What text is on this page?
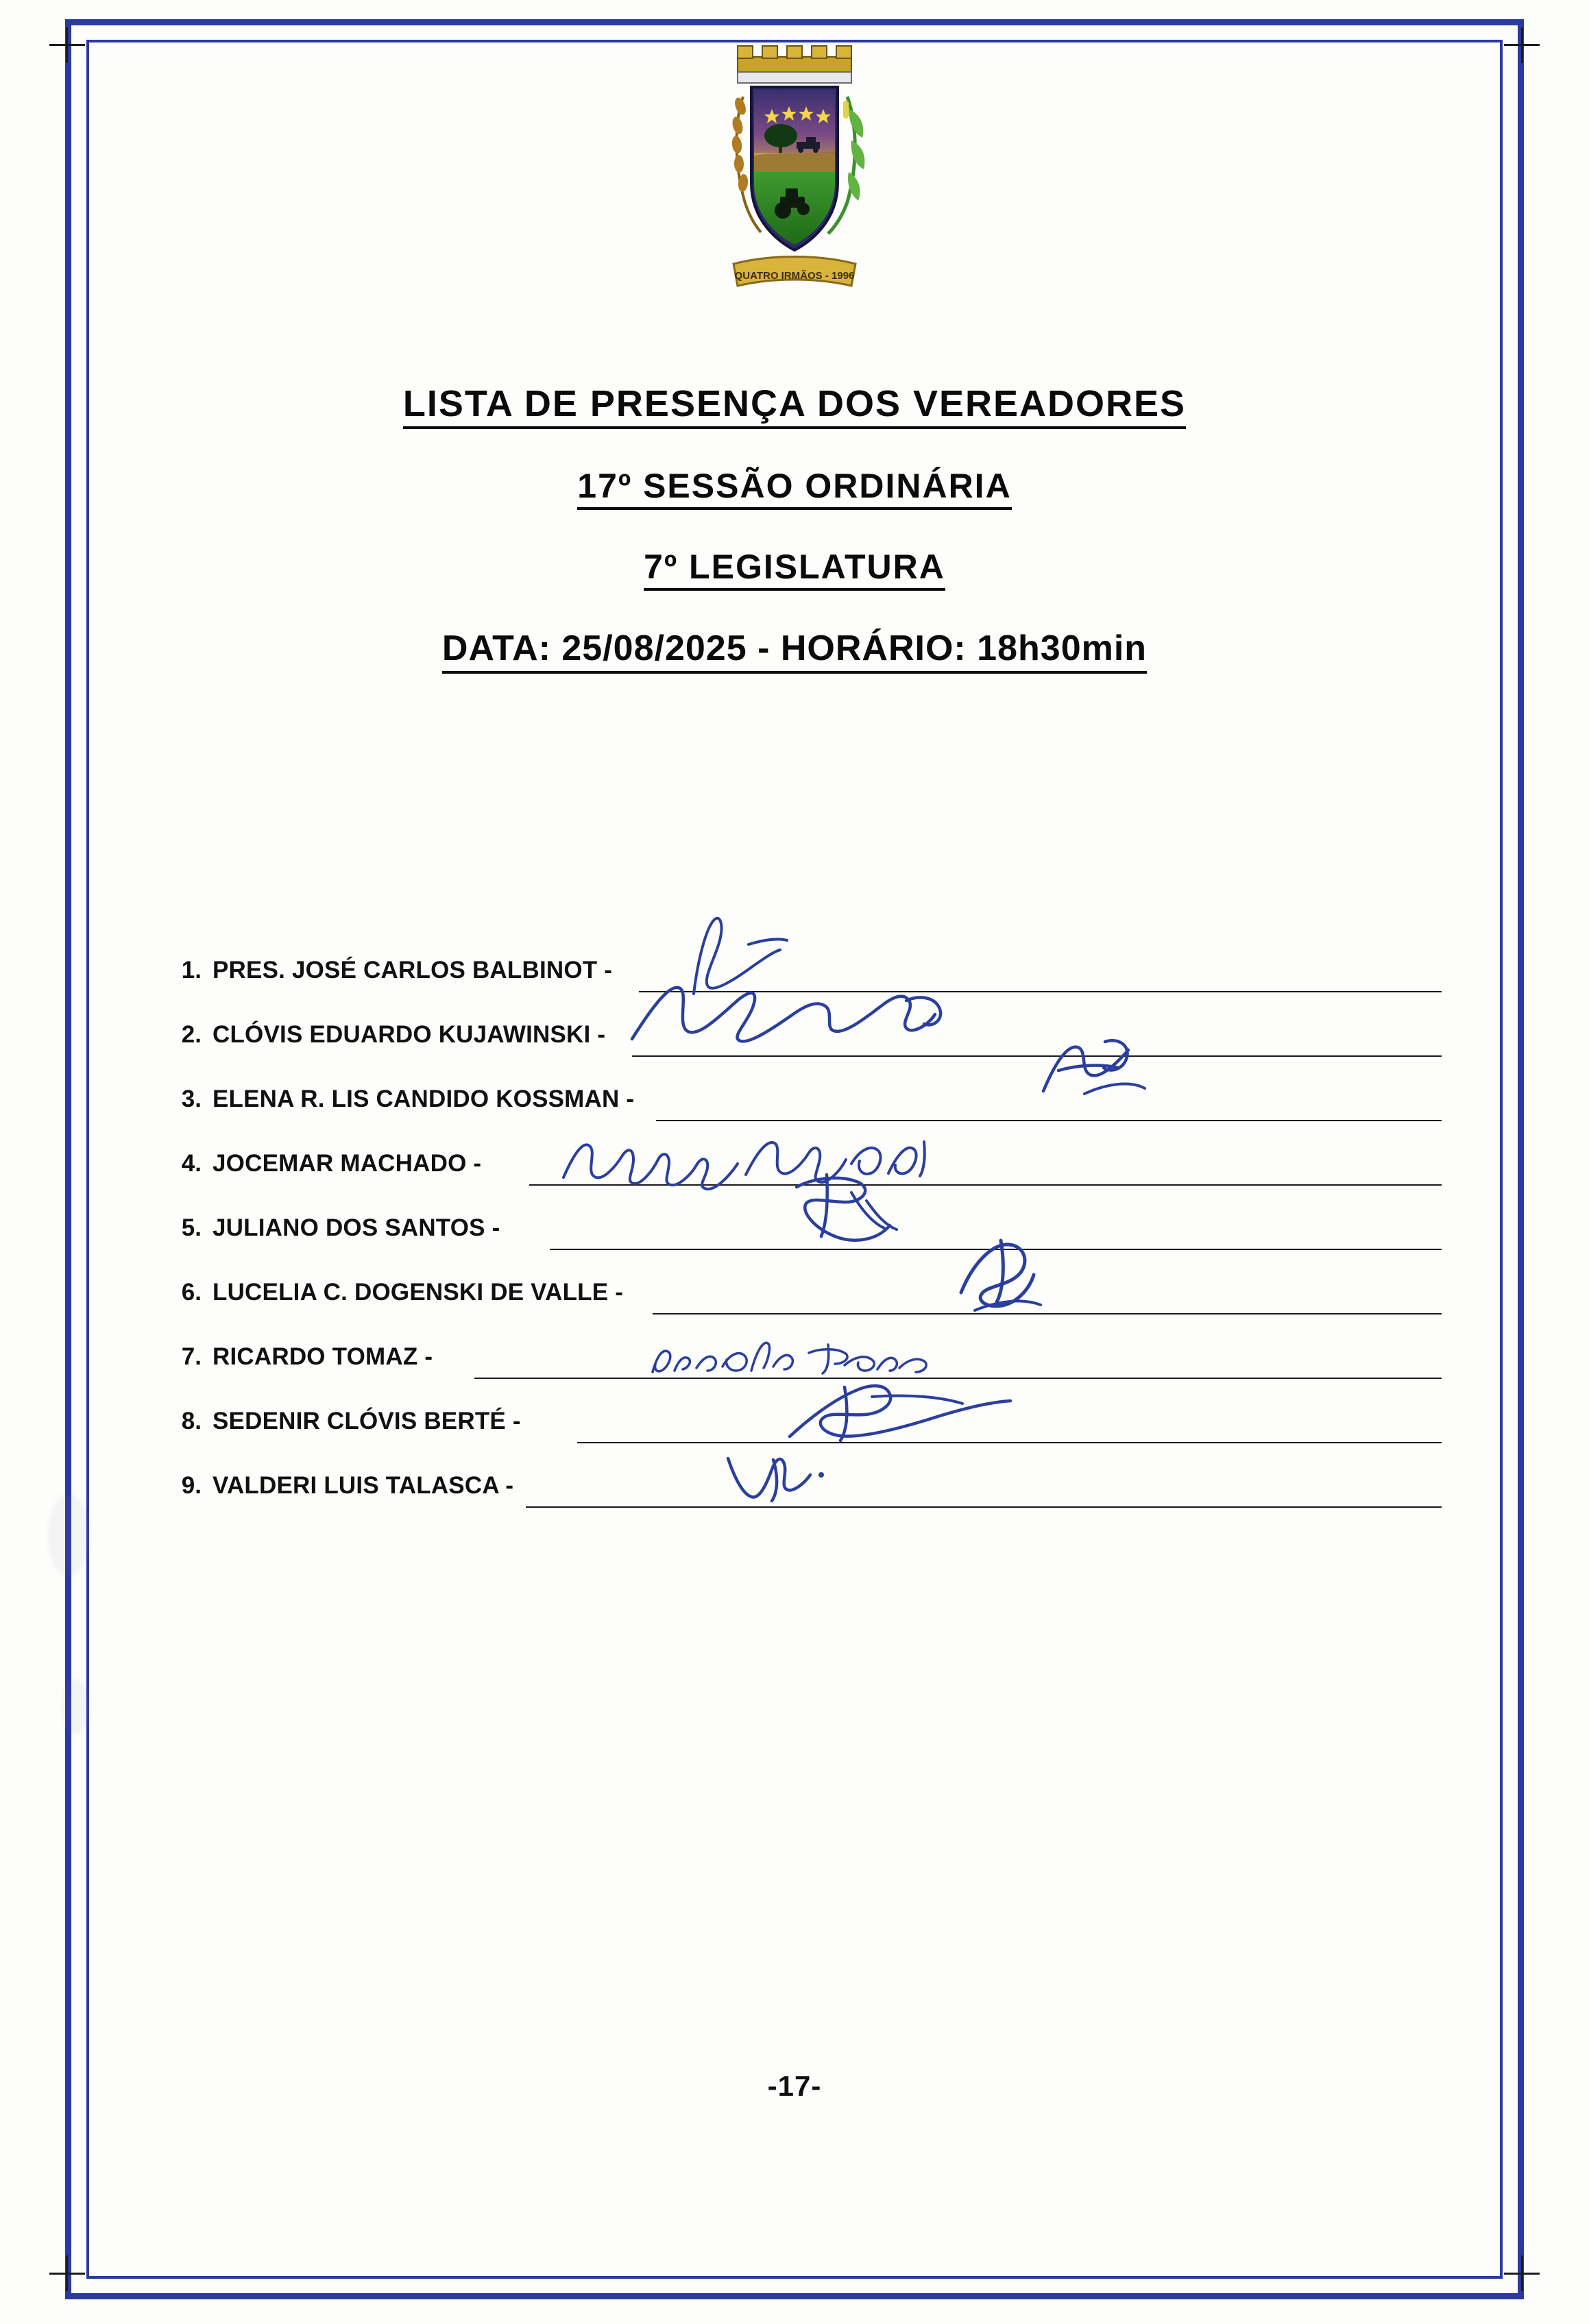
QUATRO IRMÃOS - 1996
LISTA DE PRESENÇA DOS VEREADORES
17º SESSÃO ORDINÁRIA
7º LEGISLATURA
DATA: 25/08/2025 - HORÁRIO: 18h30min
1. PRES. JOSÉ CARLOS BALBINOT -
2. CLÓVIS EDUARDO KUJAWINSKI -
3. ELENA R. LIS CANDIDO KOSSMAN -
4. JOCEMAR MACHADO -
5. JULIANO DOS SANTOS -
6. LUCELIA C. DOGENSKI DE VALLE -
7. RICARDO TOMAZ -
8. SEDENIR CLÓVIS BERTÉ -
9. VALDERI LUIS TALASCA -
-17-
